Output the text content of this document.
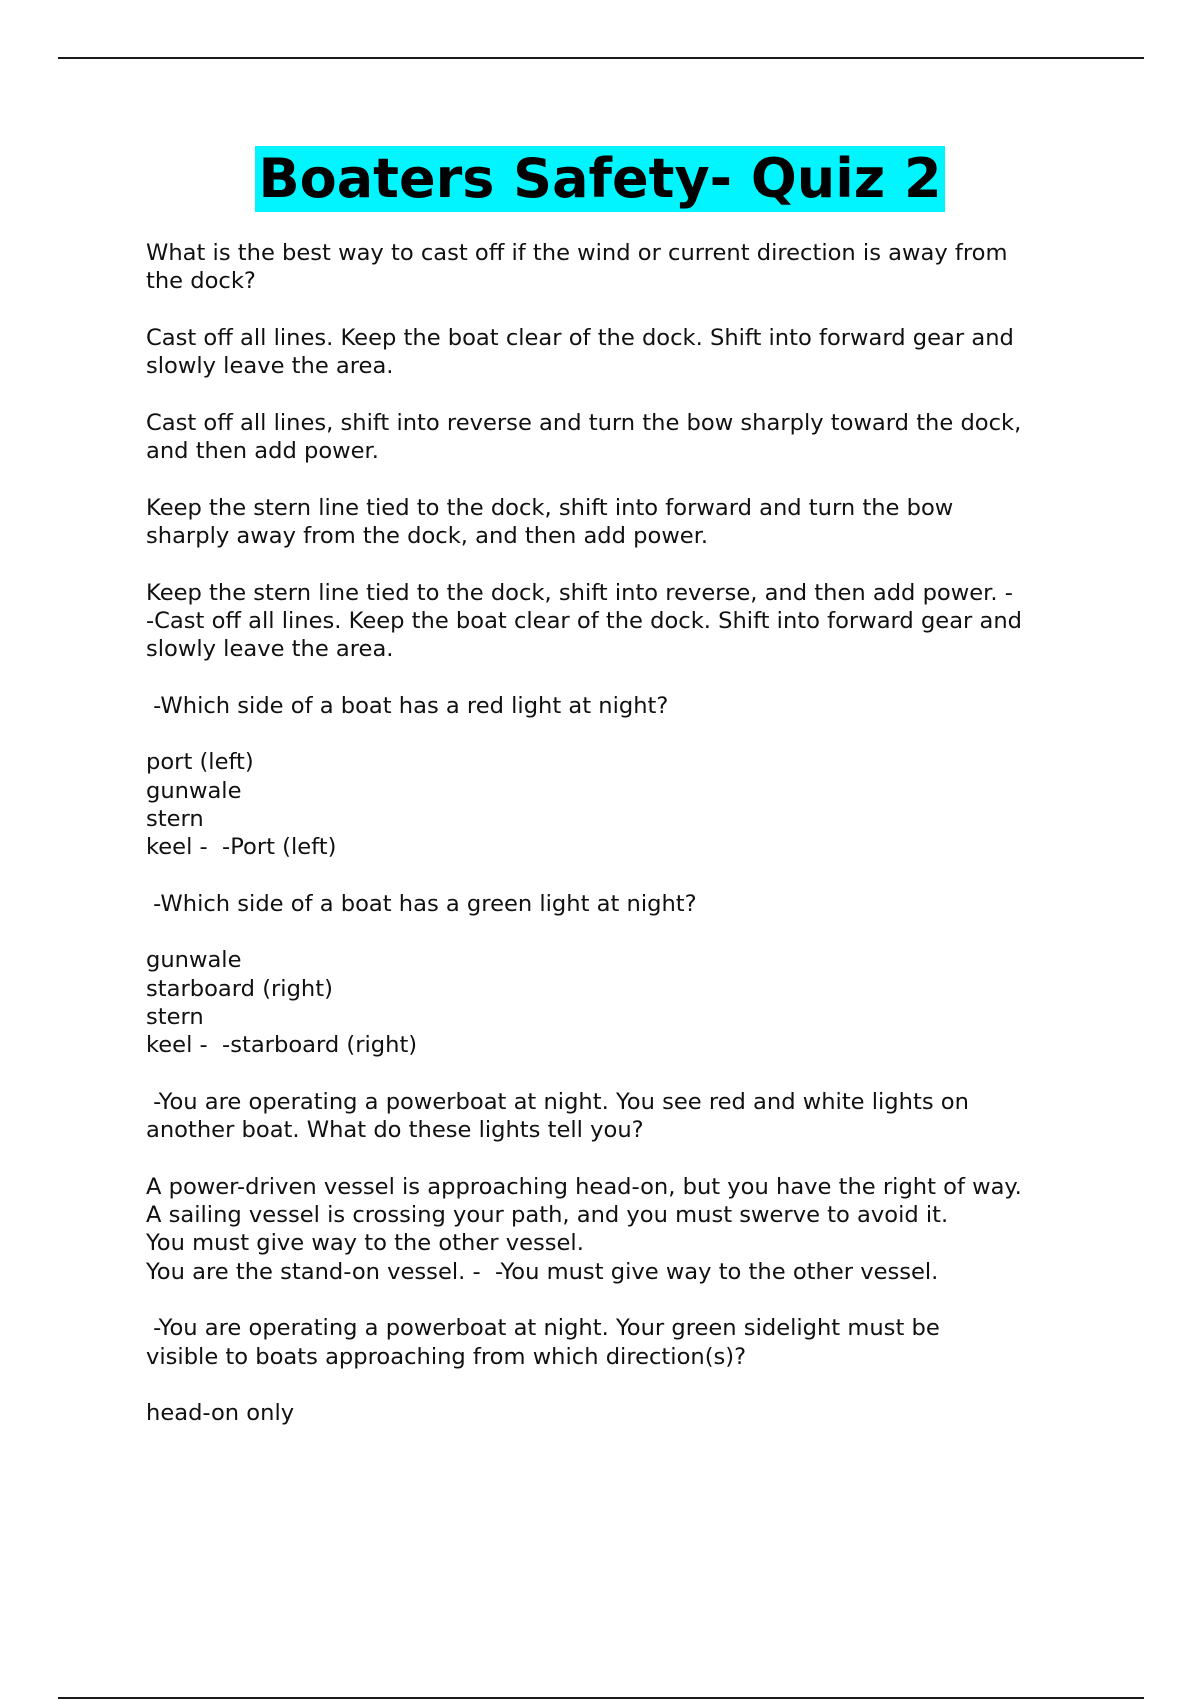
Boaters Safety- Quiz 2
What is the best way to cast off if the wind or current direction is away from
the dock?
Cast off all lines. Keep the boat clear of the dock. Shift into forward gear and
slowly leave the area.
Cast off all lines, shift into reverse and turn the bow sharply toward the dock,
and then add power.
Keep the stern line tied to the dock, shift into forward and turn the bow
sharply away from the dock, and then add power.
Keep the stern line tied to the dock, shift into reverse, and then add power. -
-Cast off all lines. Keep the boat clear of the dock. Shift into forward gear and
slowly leave the area.
-Which side of a boat has a red light at night?
port (left)
gunwale
stern
keel -  -Port (left)
-Which side of a boat has a green light at night?
gunwale
starboard (right)
stern
keel -  -starboard (right)
-You are operating a powerboat at night. You see red and white lights on
another boat. What do these lights tell you?
A power-driven vessel is approaching head-on, but you have the right of way.
A sailing vessel is crossing your path, and you must swerve to avoid it.
You must give way to the other vessel.
You are the stand-on vessel. -  -You must give way to the other vessel.
-You are operating a powerboat at night. Your green sidelight must be
visible to boats approaching from which direction(s)?
head-on only
